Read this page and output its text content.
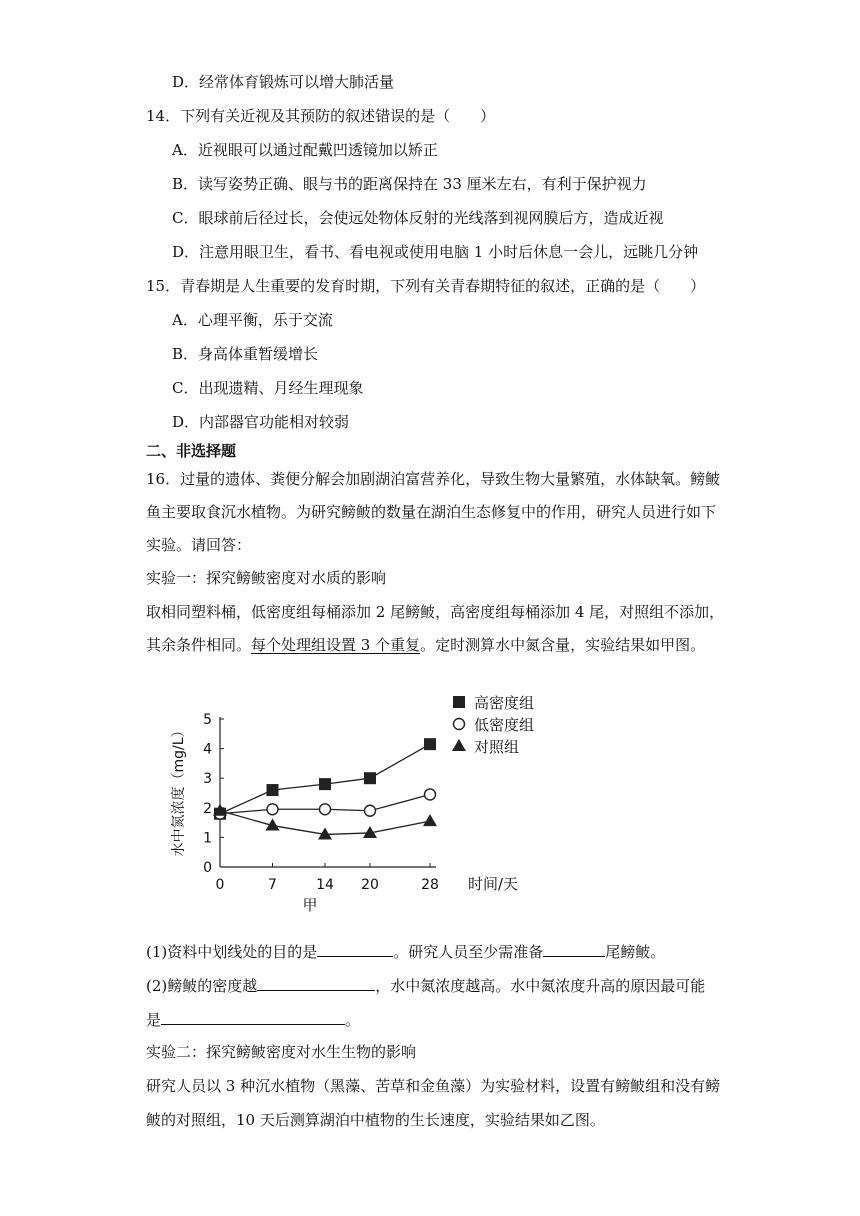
D．经常体育锻炼可以增大肺活量
14．下列有关近视及其预防的叙述错误的是（　　）
A．近视眼可以通过配戴凹透镜加以矫正
B．读写姿势正确、眼与书的距离保持在 33 厘米左右，有利于保护视力
C．眼球前后径过长，会使远处物体反射的光线落到视网膜后方，造成近视
D．注意用眼卫生，看书、看电视或使用电脑 1 小时后休息一会儿，远眺几分钟
15．青春期是人生重要的发育时期，下列有关青春期特征的叙述，正确的是（　　）
A．心理平衡，乐于交流
B．身高体重暂缓增长
C．出现遗精、月经生理现象
D．内部器官功能相对较弱
二、非选择题
16．过量的遗体、粪便分解会加剧湖泊富营养化，导致生物大量繁殖，水体缺氧。鳑鲏
鱼主要取食沉水植物。为研究鳑鲏的数量在湖泊生态修复中的作用，研究人员进行如下
实验。请回答：
实验一：探究鳑鲏密度对水质的影响
取相同塑料桶，低密度组每桶添加 2 尾鳑鲏，高密度组每桶添加 4 尾，对照组不添加，
其余条件相同。每个处理组设置 3 个重复。定时测算水中氮含量，实验结果如甲图。
0
1
2
3
4
5
0	7	14 20	28
高密度组
低密度组
对照组
水中氮浓度（mg/L）
时间/天
甲
(1)资料中划线处的目的是	。研究人员至少需准备	尾鳑鲏。
(2)鳑鲏的密度越	，水中氮浓度越高。水中氮浓度升高的原因最可能
是	。
实验二：探究鳑鲏密度对水生生物的影响
研究人员以 3 种沉水植物（黑藻、苦草和金鱼藻）为实验材料，设置有鳑鲏组和没有鳑
鲏的对照组，10 天后测算湖泊中植物的生长速度，实验结果如乙图。
